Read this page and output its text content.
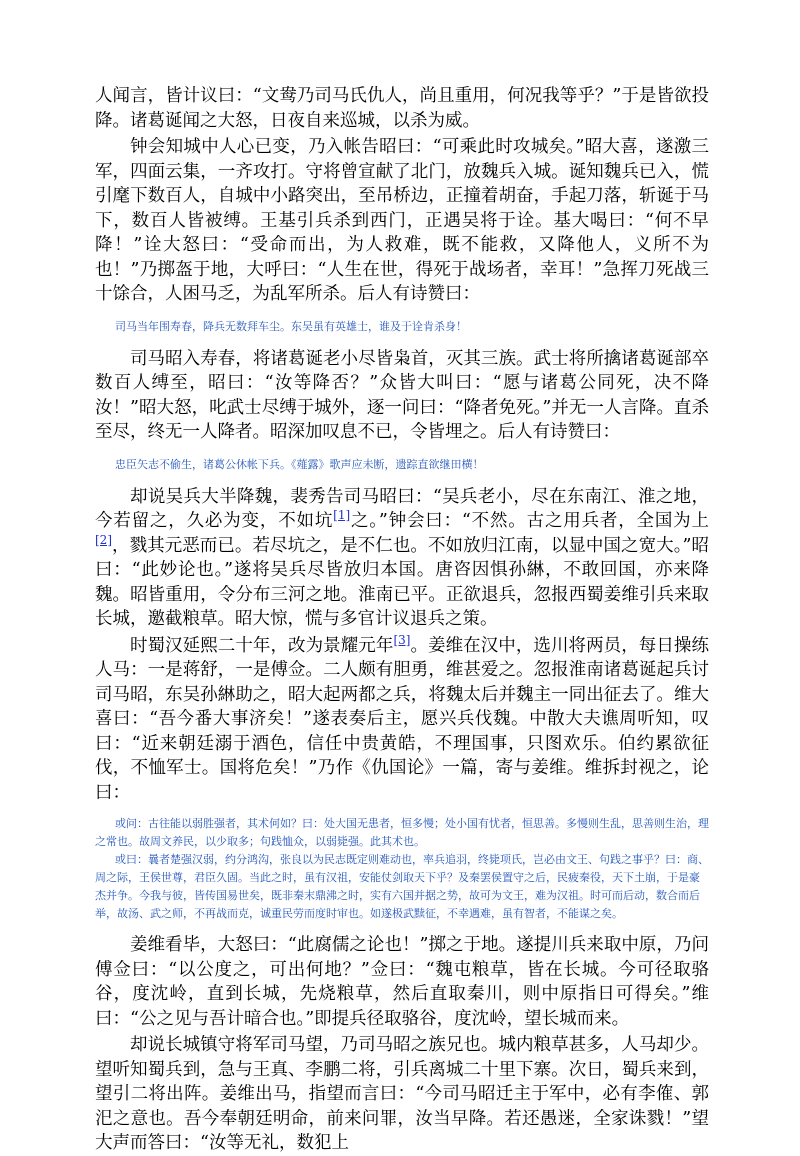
人闻言，皆计议曰：“文鸯乃司马氏仇人，尚且重用，何况我等乎？”于是皆欲投降。诸葛诞闻之大怒，日夜自来巡城，以杀为威。

钟会知城中人心已变，乃入帐告昭曰：“可乘此时攻城矣。”昭大喜，遂激三军，四面云集，一齐攻打。守将曾宣献了北门，放魏兵入城。诞知魏兵已入，慌引麾下数百人，自城中小路突出，至吊桥边，正撞着胡奋，手起刀落，斩诞于马下，数百人皆被缚。王基引兵杀到西门，正遇吴将于诠。基大喝曰：“何不早降！”诠大怒曰：“受命而出，为人救难，既不能救，又降他人，义所不为也！”乃掷盔于地，大呼曰：“人生在世，得死于战场者，幸耳！”急挥刀死战三十馀合，人困马乏，为乱军所杀。后人有诗赞曰：

司马当年围寿春，降兵无数拜车尘。东吴虽有英雄士，谁及于诠肯杀身！

司马昭入寿春，将诸葛诞老小尽皆枭首，灭其三族。武士将所擒诸葛诞部卒数百人缚至，昭曰：“汝等降否？”众皆大叫曰：“愿与诸葛公同死，决不降汝！”昭大怒，叱武士尽缚于城外，逐一问曰：“降者免死。”并无一人言降。直杀至尽，终无一人降者。昭深加叹息不已，令皆埋之。后人有诗赞曰：

忠臣矢志不偷生，诸葛公休帐下兵。《薤露》歌声应未断，遗踪直欲继田横！

却说吴兵大半降魏，裴秀告司马昭曰：“吴兵老小，尽在东南江、淮之地，今若留之，久必为变，不如坑[1]之。”钟会曰：“不然。古之用兵者，全国为上[2]，戮其元恶而已。若尽坑之，是不仁也。不如放归江南，以显中国之宽大。”昭曰：“此妙论也。”遂将吴兵尽皆放归本国。唐咨因惧孙綝，不敢回国，亦来降魏。昭皆重用，令分布三河之地。淮南已平。正欲退兵，忽报西蜀姜维引兵来取长城，邀截粮草。昭大惊，慌与多官计议退兵之策。

时蜀汉延熙二十年，改为景耀元年[3]。姜维在汉中，选川将两员，每日操练人马：一是蒋舒，一是傅佥。二人颇有胆勇，维甚爱之。忽报淮南诸葛诞起兵讨司马昭，东吴孙綝助之，昭大起两都之兵，将魏太后并魏主一同出征去了。维大喜曰：“吾今番大事济矣！”遂表奏后主，愿兴兵伐魏。中散大夫谯周听知，叹曰：“近来朝廷溺于酒色，信任中贵黄皓，不理国事，只图欢乐。伯约累欲征伐，不恤军士。国将危矣！”乃作《仇国论》一篇，寄与姜维。维拆封视之，论曰：

或问：古往能以弱胜强者，其术何如？曰：处大国无患者，恒多慢；处小国有忧者，恒思善。多慢则生乱，思善则生治，理之常也。故周文养民，以少取多；句践恤众，以弱毙强。此其术也。

或曰：曩者楚强汉弱，约分鸿沟，张良以为民志既定则难动也，率兵追羽，终毙项氏，岂必由文王、句践之事乎？曰：商、周之际，王侯世尊，君臣久固。当此之时，虽有汉祖，安能仗剑取天下乎？及秦罢侯置守之后，民疲秦役，天下土崩，于是豪杰并争。今我与彼，皆传国易世矣，既非秦末鼎沸之时，实有六国并据之势，故可为文王，难为汉祖。时可而后动，数合而后举，故汤、武之师，不再战而克，诚重民劳而度时审也。如遂极武黩征，不幸遇难，虽有智者，不能谋之矣。

姜维看毕，大怒曰：“此腐儒之论也！”掷之于地。遂提川兵来取中原，乃问傅佥曰：“以公度之，可出何地？”佥曰：“魏屯粮草，皆在长城。今可径取骆谷，度沈岭，直到长城，先烧粮草，然后直取秦川，则中原指日可得矣。”维曰：“公之见与吾计暗合也。”即提兵径取骆谷，度沈岭，望长城而来。

却说长城镇守将军司马望，乃司马昭之族兄也。城内粮草甚多，人马却少。望听知蜀兵到，急与王真、李鹏二将，引兵离城二十里下寨。次日，蜀兵来到，望引二将出阵。姜维出马，指望而言曰：“今司马昭迁主于军中，必有李傕、郭汜之意也。吾今奉朝廷明命，前来问罪，汝当早降。若还愚迷，全家诛戮！”望大声而答曰：“汝等无礼，数犯上
